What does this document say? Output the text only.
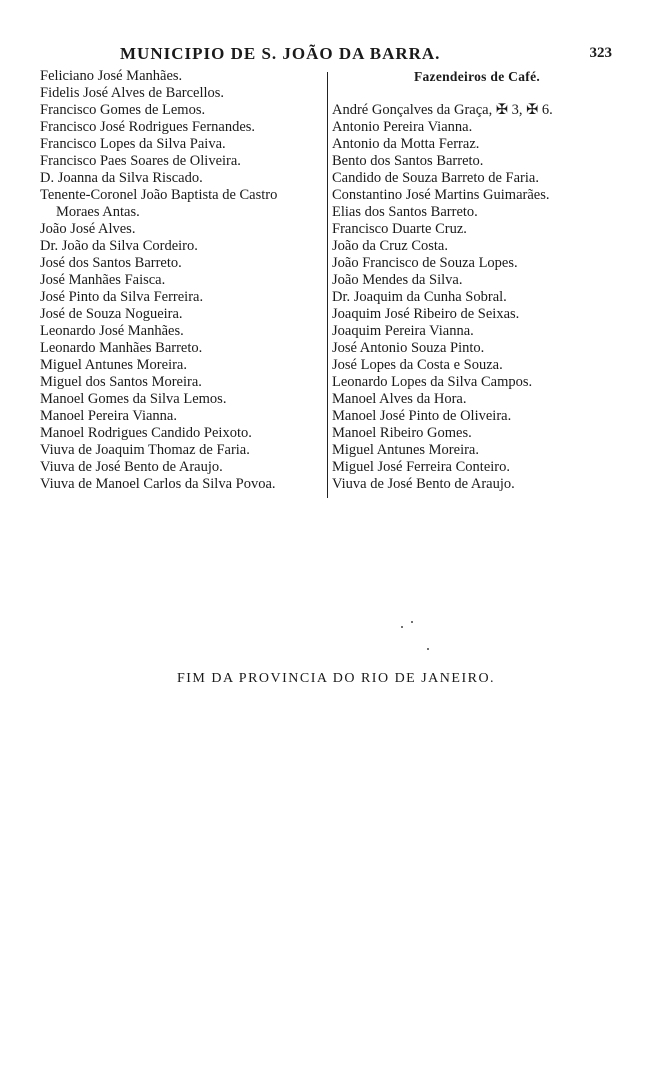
MUNICIPIO DE S. JOÃO DA BARRA.	323
Feliciano José Manhães.
Fidelis José Alves de Barcellos.
Francisco Gomes de Lemos.
Francisco José Rodrigues Fernandes.
Francisco Lopes da Silva Paiva.
Francisco Paes Soares de Oliveira.
D. Joanna da Silva Riscado.
Tenente-Coronel João Baptista de Castro
Moraes Antas.
João José Alves.
Dr. João da Silva Cordeiro.
José dos Santos Barreto.
José Manhães Faisca.
José Pinto da Silva Ferreira.
José de Souza Nogueira.
Leonardo José Manhães.
Leonardo Manhães Barreto.
Miguel Antunes Moreira.
Miguel dos Santos Moreira.
Manoel Gomes da Silva Lemos.
Manoel Pereira Vianna.
Manoel Rodrigues Candido Peixoto.
Viuva de Joaquim Thomaz de Faria.
Viuva de José Bento de Araujo.
Viuva de Manoel Carlos da Silva Povoa.
Fazendeiros de Café.
André Gonçalves da Graça, ✠ 3, ✠ 6.
Antonio Pereira Vianna.
Antonio da Motta Ferraz.
Bento dos Santos Barreto.
Candido de Souza Barreto de Faria.
Constantino José Martins Guimarães.
Elias dos Santos Barreto.
Francisco Duarte Cruz.
João da Cruz Costa.
João Francisco de Souza Lopes.
João Mendes da Silva.
Dr. Joaquim da Cunha Sobral.
Joaquim José Ribeiro de Seixas.
Joaquim Pereira Vianna.
José Antonio Souza Pinto.
José Lopes da Costa e Souza.
Leonardo Lopes da Silva Campos.
Manoel Alves da Hora.
Manoel José Pinto de Oliveira.
Manoel Ribeiro Gomes.
Miguel Antunes Moreira.
Miguel José Ferreira Conteiro.
Viuva de José Bento de Araujo.
FIM DA PROVINCIA DO RIO DE JANEIRO.
